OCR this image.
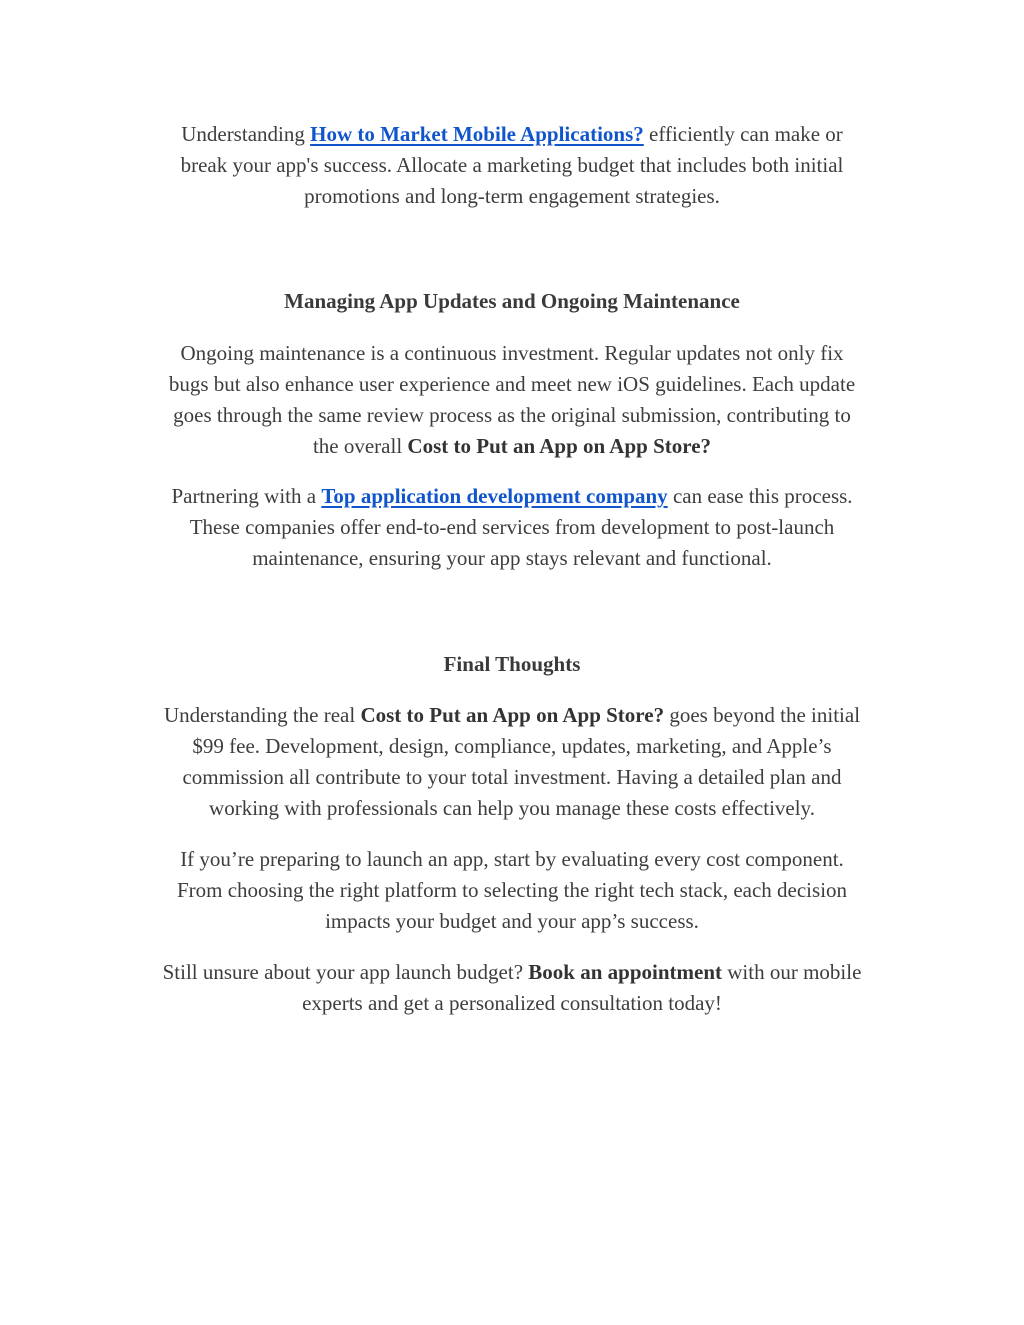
Understanding How to Market Mobile Applications? efficiently can make or
break your app's success. Allocate a marketing budget that includes both initial
promotions and long-term engagement strategies.

Managing App Updates and Ongoing Maintenance

Ongoing maintenance is a continuous investment. Regular updates not only fix
bugs but also enhance user experience and meet new iOS guidelines. Each update
goes through the same review process as the original submission, contributing to
the overall Cost to Put an App on App Store?

Partnering with a Top application development company can ease this process.
These companies offer end-to-end services from development to post-launch
maintenance, ensuring your app stays relevant and functional.

Final Thoughts

Understanding the real Cost to Put an App on App Store? goes beyond the initial
$99 fee. Development, design, compliance, updates, marketing, and Apple’s
commission all contribute to your total investment. Having a detailed plan and
working with professionals can help you manage these costs effectively.

If you’re preparing to launch an app, start by evaluating every cost component.
From choosing the right platform to selecting the right tech stack, each decision
impacts your budget and your app’s success.

Still unsure about your app launch budget? Book an appointment with our mobile
experts and get a personalized consultation today!
